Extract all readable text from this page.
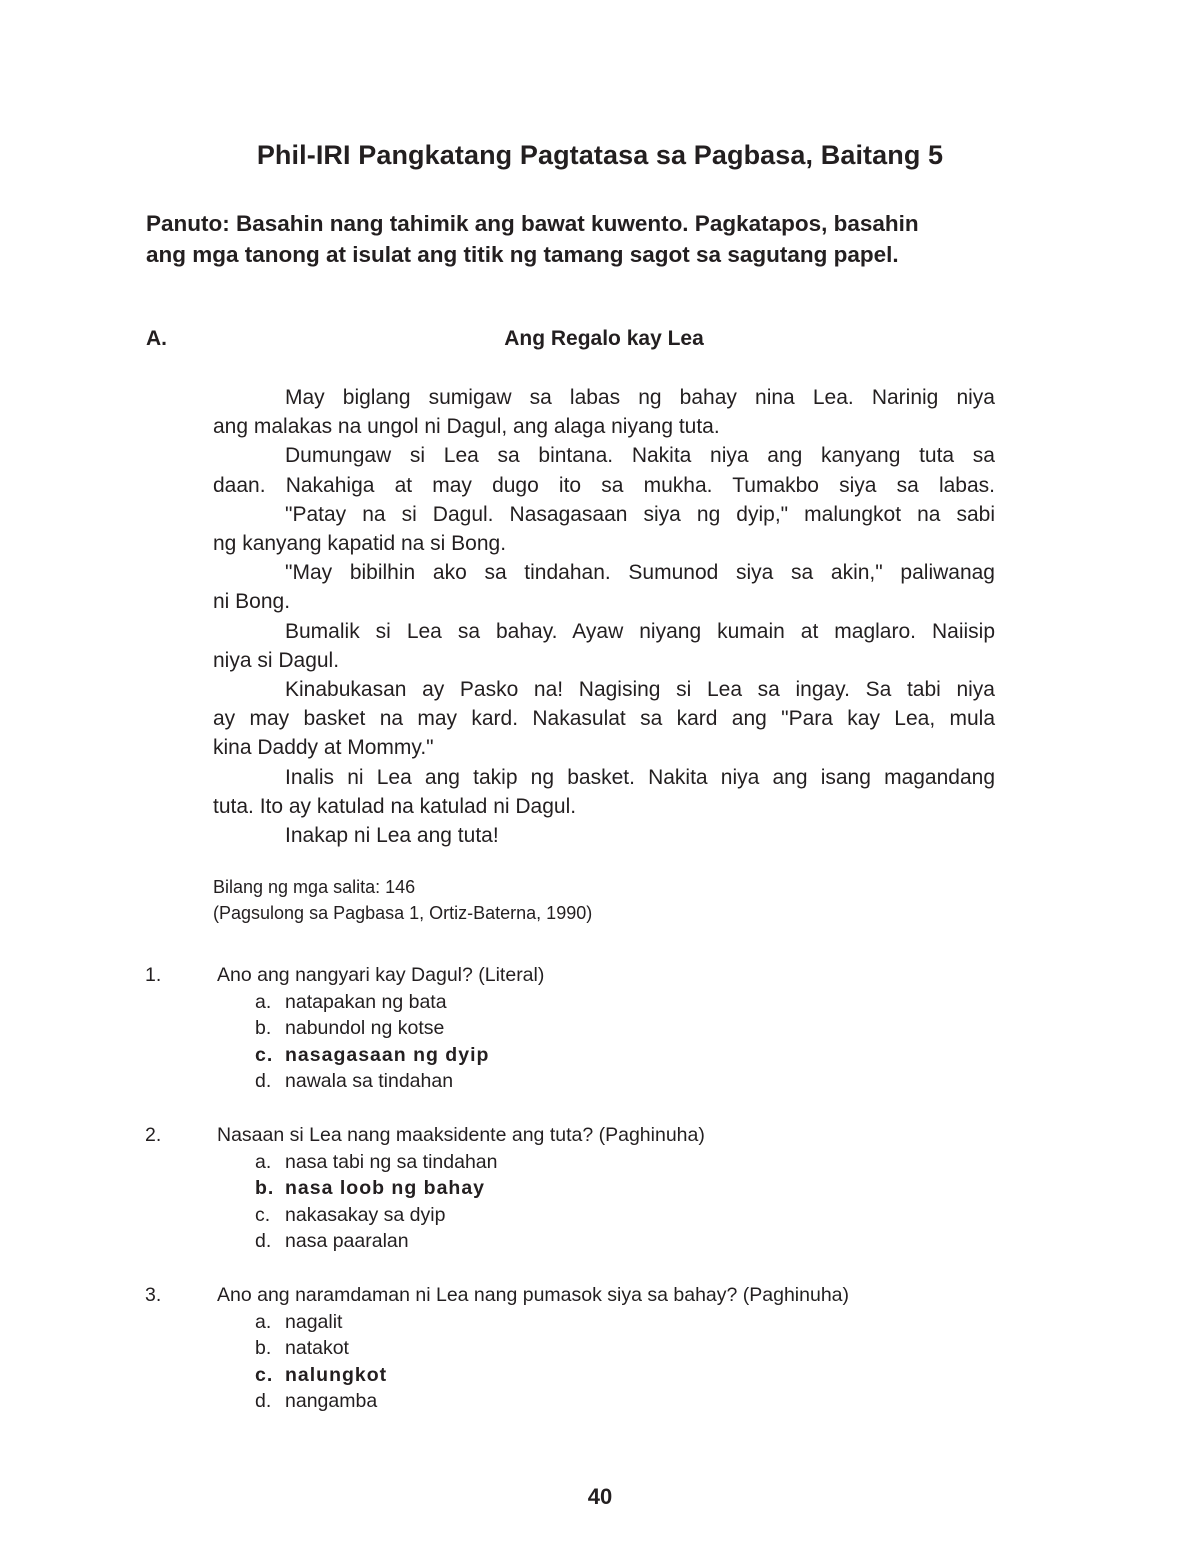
Phil-IRI Pangkatang Pagtatasa sa Pagbasa, Baitang 5
Panuto: Basahin nang tahimik ang bawat kuwento. Pagkatapos, basahin
ang mga tanong at isulat ang titik ng tamang sagot sa sagutang papel.
A.	Ang Regalo kay Lea
May biglang sumigaw sa labas ng bahay nina Lea. Narinig niya
ang malakas na ungol ni Dagul, ang alaga niyang tuta.
Dumungaw si Lea sa bintana. Nakita niya ang kanyang tuta sa
daan. Nakahiga at may dugo ito sa mukha. Tumakbo siya sa labas.
"Patay na si Dagul. Nasagasaan siya ng dyip," malungkot na sabi
ng kanyang kapatid na si Bong.
"May bibilhin ako sa tindahan. Sumunod siya sa akin," paliwanag
ni Bong.
Bumalik si Lea sa bahay. Ayaw niyang kumain at maglaro. Naiisip
niya si Dagul.
Kinabukasan ay Pasko na! Nagising si Lea sa ingay. Sa tabi niya
ay may basket na may kard. Nakasulat sa kard ang "Para kay Lea, mula
kina Daddy at Mommy."
Inalis ni Lea ang takip ng basket. Nakita niya ang isang magandang
tuta. Ito ay katulad na katulad ni Dagul.
Inakap ni Lea ang tuta!
Bilang ng mga salita: 146
(Pagsulong sa Pagbasa 1, Ortiz-Baterna, 1990)
1.	Ano ang nangyari kay Dagul? (Literal)
a. natapakan ng bata
b. nabundol ng kotse
c. nasagasaan ng dyip
d. nawala sa tindahan
2.	Nasaan si Lea nang maaksidente ang tuta? (Paghinuha)
a. nasa tabi ng sa tindahan
b. nasa loob ng bahay
c. nakasakay sa dyip
d. nasa paaralan
3.	Ano ang naramdaman ni Lea nang pumasok siya sa bahay? (Paghinuha)
a. nagalit
b. natakot
c. nalungkot
d. nangamba
40
